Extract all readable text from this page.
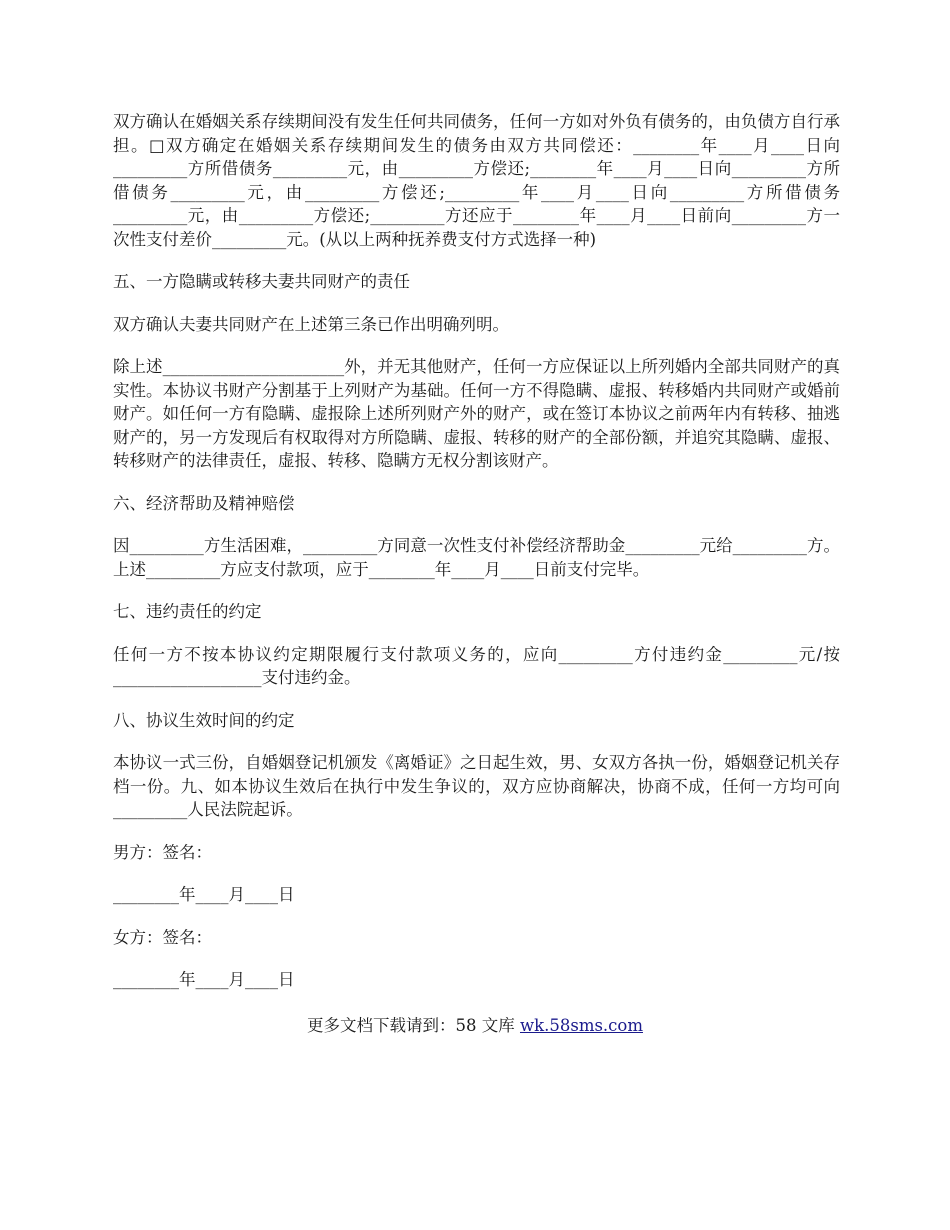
双方确认在婚姻关系存续期间没有发生任何共同债务，任何一方如对外负有债务的，由负债方自行承担。□双方确定在婚姻关系存续期间发生的债务由双方共同偿还：________年____月____日向_________方所借债务_________元，由_________方偿还;________年____月____日向_________方所借债务_________元，由_________方偿还;_________年____月____日向_________方所借债务_________元，由_________方偿还;_________方还应于________年____月____日前向_________方一次性支付差价_________元。(从以上两种抚养费支付方式选择一种)

五、一方隐瞒或转移夫妻共同财产的责任

双方确认夫妻共同财产在上述第三条已作出明确列明。

除上述______________________外，并无其他财产，任何一方应保证以上所列婚内全部共同财产的真实性。本协议书财产分割基于上列财产为基础。任何一方不得隐瞒、虚报、转移婚内共同财产或婚前财产。如任何一方有隐瞒、虚报除上述所列财产外的财产，或在签订本协议之前两年内有转移、抽逃财产的，另一方发现后有权取得对方所隐瞒、虚报、转移的财产的全部份额，并追究其隐瞒、虚报、转移财产的法律责任，虚报、转移、隐瞒方无权分割该财产。

六、经济帮助及精神赔偿

因_________方生活困难，_________方同意一次性支付补偿经济帮助金_________元给_________方。上述_________方应支付款项，应于________年____月____日前支付完毕。

七、违约责任的约定

任何一方不按本协议约定期限履行支付款项义务的，应向_________方付违约金_________元/按__________________支付违约金。

八、协议生效时间的约定

本协议一式三份，自婚姻登记机颁发《离婚证》之日起生效，男、女双方各执一份，婚姻登记机关存档一份。九、如本协议生效后在执行中发生争议的，双方应协商解决，协商不成，任何一方均可向_________人民法院起诉。

男方：签名：

________年____月____日

女方：签名：

________年____月____日

更多文档下载请到：58 文库 wk.58sms.com
